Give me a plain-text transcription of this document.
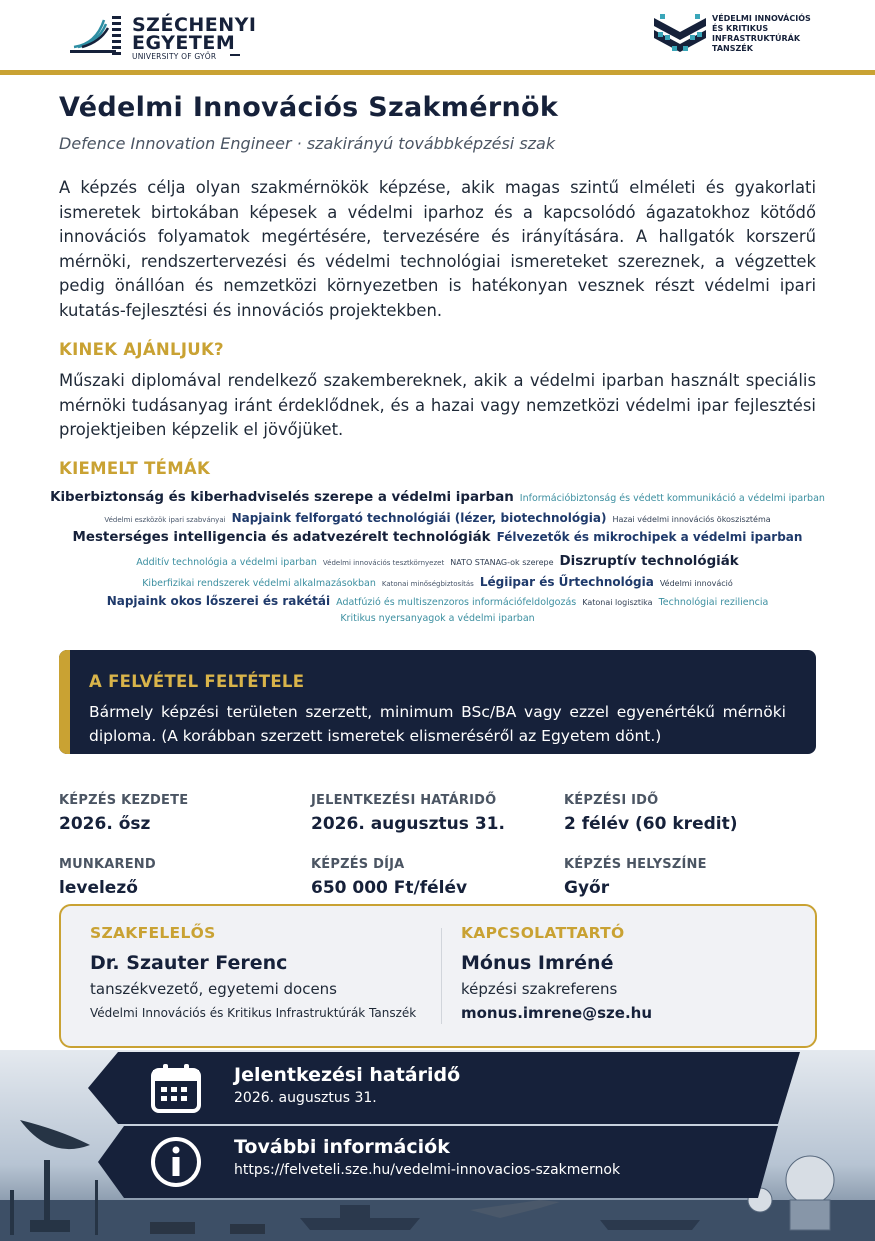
SZÉCHENYI
EGYETEM
UNIVERSITY OF GYŐR
VÉDELMI INNOVÁCIÓS
ÉS KRITIKUS
INFRASTRUKTÚRÁK
TANSZÉK
Védelmi Innovációs Szakmérnök
Defence Innovation Engineer · szakirányú továbbképzési szak
A képzés célja olyan szakmérnökök képzése, akik magas szintű elméleti és gyakorlati ismeretek birtokában képesek a védelmi iparhoz és a kapcsolódó ágazatokhoz kötődő innovációs folyamatok megértésére, tervezésére és irányítására. A hallgatók korszerű mérnöki, rendszertervezési és védelmi technológiai ismereteket szereznek, a végzettek pedig önállóan és nemzetközi környezetben is hatékonyan vesznek részt védelmi ipari kutatás-fejlesztési és innovációs projektekben.
KINEK AJÁNLJUK?
Műszaki diplomával rendelkező szakembereknek, akik a védelmi iparban használt speciális mérnöki tudásanyag iránt érdeklődnek, és a hazai vagy nemzetközi védelmi ipar fejlesztési projektjeiben képzelik el jövőjüket.
KIEMELT TÉMÁK
Kiberbiztonság és kiberhadviselés szerepe a védelmi iparban Információbiztonság és védett kommunikáció a védelmi iparban
Védelmi eszközök ipari szabványai Napjaink felforgató technológiái (lézer, biotechnológia) Hazai védelmi innovációs ökoszisztéma
Mesterséges intelligencia és adatvezérelt technológiák Félvezetők és mikrochipek a védelmi iparban
Additív technológia a védelmi iparban Védelmi innovációs tesztkörnyezet NATO STANAG-ok szerepe Diszruptív technológiák
Kiberfizikai rendszerek védelmi alkalmazásokban Katonai minőségbiztosítás Légiipar és Űrtechnológia Védelmi innováció
Napjaink okos lőszerei és rakétái Adatfúzió és multiszenzoros információfeldolgozás Katonai logisztika Technológiai reziliencia
Kritikus nyersanyagok a védelmi iparban
A FELVÉTEL FELTÉTELE
Bármely képzési területen szerzett, minimum BSc/BA vagy ezzel egyenértékű mérnöki diploma. (A korábban szerzett ismeretek elismeréséről az Egyetem dönt.)
KÉPZÉS KEZDETE
2026. ősz
JELENTKEZÉSI HATÁRIDŐ
2026. augusztus 31.
KÉPZÉSI IDŐ
2 félév (60 kredit)
MUNKAREND
levelező
KÉPZÉS DÍJA
650 000 Ft/félév
KÉPZÉS HELYSZÍNE
Győr
SZAKFELELŐS
Dr. Szauter Ferenc
tanszékvezető, egyetemi docens
Védelmi Innovációs és Kritikus Infrastruktúrák Tanszék
KAPCSOLATTARTÓ
Mónus Imréné
képzési szakreferens
monus.imrene@sze.hu
Jelentkezési határidő
2026. augusztus 31.
További információk
https://felveteli.sze.hu/vedelmi-innovacios-szakmernok
